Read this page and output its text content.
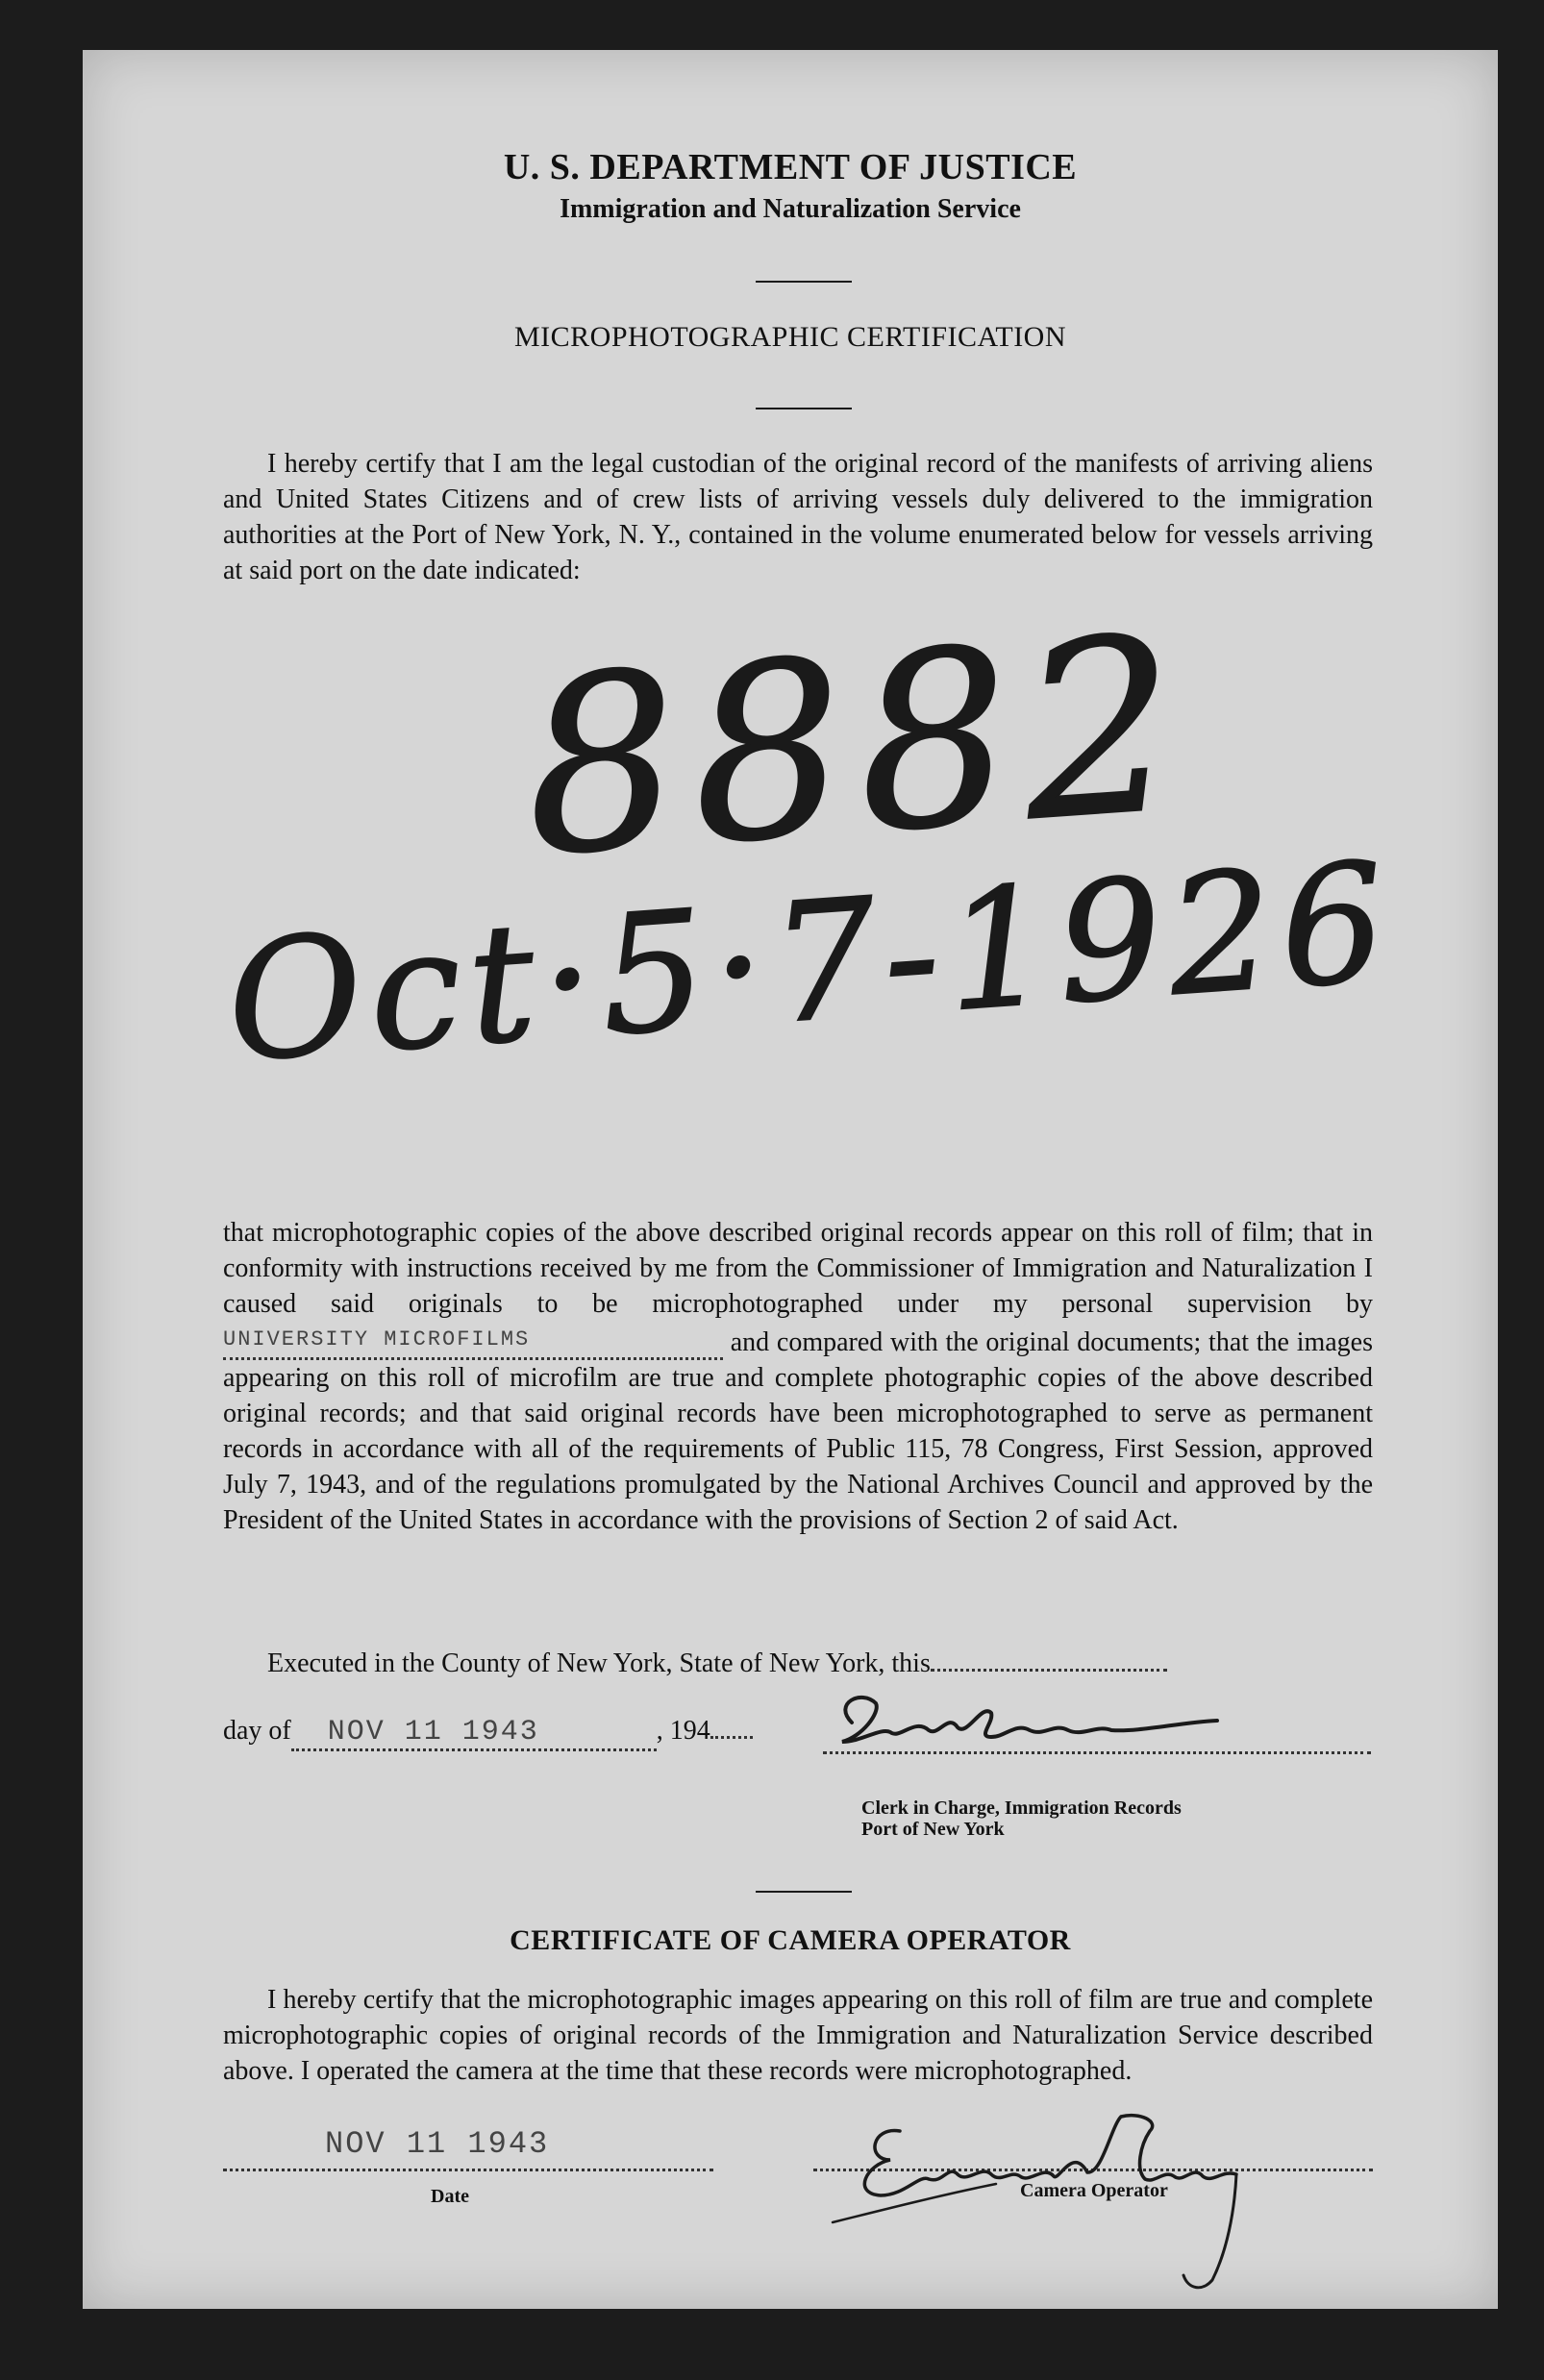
U. S. DEPARTMENT OF JUSTICE
Immigration and Naturalization Service
MICROPHOTOGRAPHIC CERTIFICATION
I hereby certify that I am the legal custodian of the original record of the manifests of arriving aliens and United States Citizens and of crew lists of arriving vessels duly delivered to the immigration authorities at the Port of New York, N. Y., contained in the volume enumerated below for vessels arriving at said port on the date indicated:
8882
Oct·5·7-1926
that microphotographic copies of the above described original records appear on this roll of film; that in conformity with instructions received by me from the Commissioner of Immigration and Naturalization I caused said originals to be microphotographed under my personal supervision by UNIVERSITY MICROFILMS	and compared with the original documents; that the images appearing on this roll of microfilm are true and complete photographic copies of the above described original records; and that said original records have been microphotographed to serve as permanent records in accordance with all of the requirements of Public 115, 78 Congress, First Session, approved July 7, 1943, and of the regulations promulgated by the National Archives Council and approved by the President of the United States in accordance with the provisions of Section 2 of said Act.
Executed in the County of New York, State of New York, this
day of NOV 11 1943	, 194
Clerk in Charge, Immigration Records
Port of New York
CERTIFICATE OF CAMERA OPERATOR
I hereby certify that the microphotographic images appearing on this roll of film are true and complete microphotographic copies of original records of the Immigration and Naturalization Service described above. I operated the camera at the time that these records were microphotographed.
NOV 11 1943
Date	Camera Operator
